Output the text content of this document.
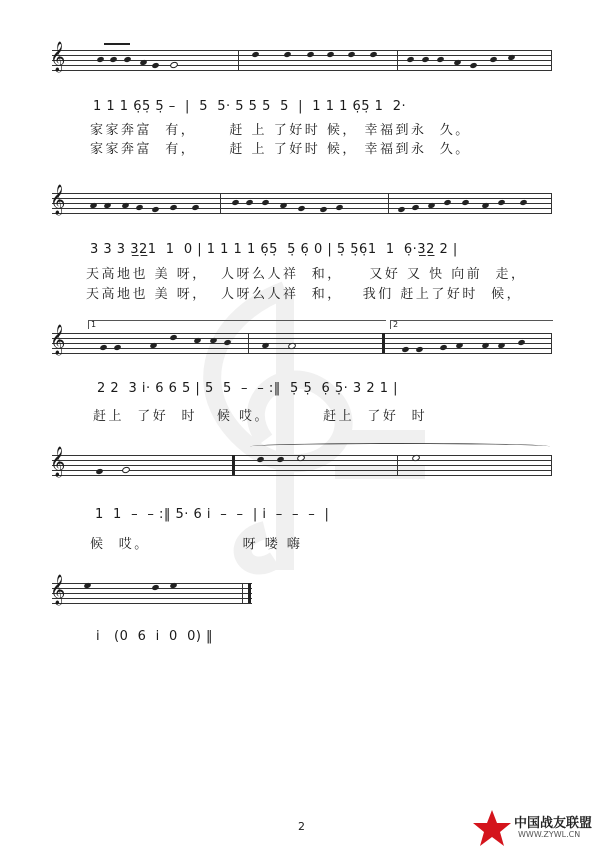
𝄞
1 1 1 6̣5̣ 5̣ –  |  5  5· 5 5 5  5  |  1 1 1 6̣5̣ 1  2·
家家奔富  有，     赶 上 了好时 候， 幸福到永  久。
家家奔富  有，     赶 上 了好时 候， 幸福到永  久。
𝄞
3 3 3 3̲2̲1  1  0 | 1 1 1 1 6̣5̣  5̣ 6̣ 0 | 5̣ 5̣6̣1  1  6̣·3̲2̲ 2 |
天高地也 美 呀，  人呀么人祥  和，    又好 又 快 向前  走，
天高地也 美 呀，  人呀么人祥  和，   我们 赶上了好时  候，
1	2
𝄞
2 2  3 i· 6 6 5 | 5  5  –  – :‖  5̣ 5̣  6̣ 5̣· 3 2 1 |
赶上  了好  时   候 哎。        赶上  了好  时
𝄞
1  1  –  – :‖ 5· 6 i  –  –  | i  –  –  –  |
候  哎。              呀 喽 嗨
𝄞
i   (0  6  i  0  0) ‖
2	中国战友联盟
WWW.ZYWL.CN
